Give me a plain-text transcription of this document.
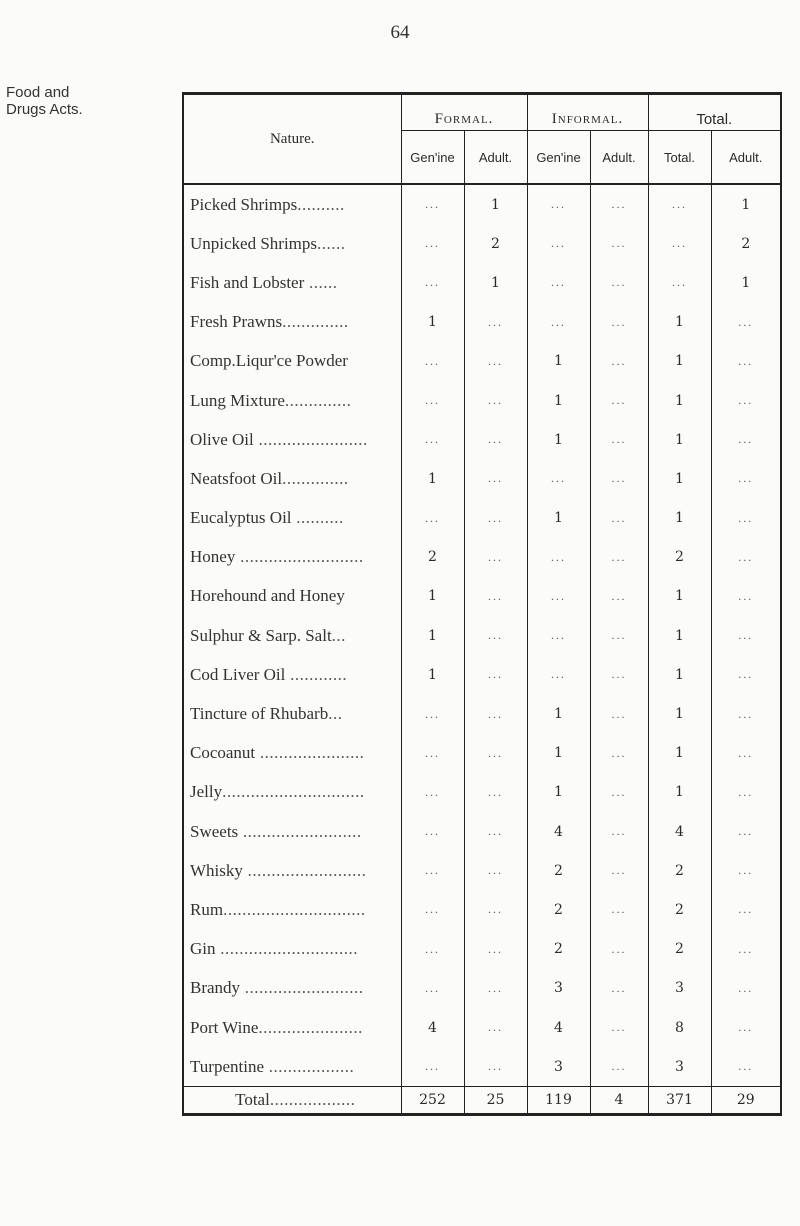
64
Food and
Drugs Acts.
Nature.	Formal.		Informal.		Total.	
	Gen'ine	Adult.	Gen'ine	Adult.	Total.	Adult.
Picked Shrimps..........	...	1	...	...	...	1
Unpicked Shrimps......	...	2	...	...	...	2
Fish and Lobster ......	...	1	...	...	...	1
Fresh Prawns..............	1	...	...	...	1	...
Comp.Liqur'ce Powder	...	...	1	...	1	...
Lung Mixture..............	...	...	1	...	1	...
Olive Oil .......................	...	...	1	...	1	...
Neatsfoot Oil..............	1	...	...	...	1	...
Eucalyptus Oil ..........	...	...	1	...	1	...
Honey ..........................	2	...	...	...	2	...
Horehound and Honey	1	...	...	...	1	...
Sulphur & Sarp. Salt...	1	...	...	...	1	...
Cod Liver Oil ............	1	...	...	...	1	...
Tincture of Rhubarb...	...	...	1	...	1	...
Cocoanut ......................	...	...	1	...	1	...
Jelly..............................	...	...	1	...	1	...
Sweets .........................	...	...	4	...	4	...
Whisky .........................	...	...	2	...	2	...
Rum..............................	...	...	2	...	2	...
Gin .............................	...	...	2	...	2	...
Brandy .........................	...	...	3	...	3	...
Port Wine......................	4	...	4	...	8	...
Turpentine ..................	...	...	3	...	3	...
Total..................	252	25	119	4	371	29
